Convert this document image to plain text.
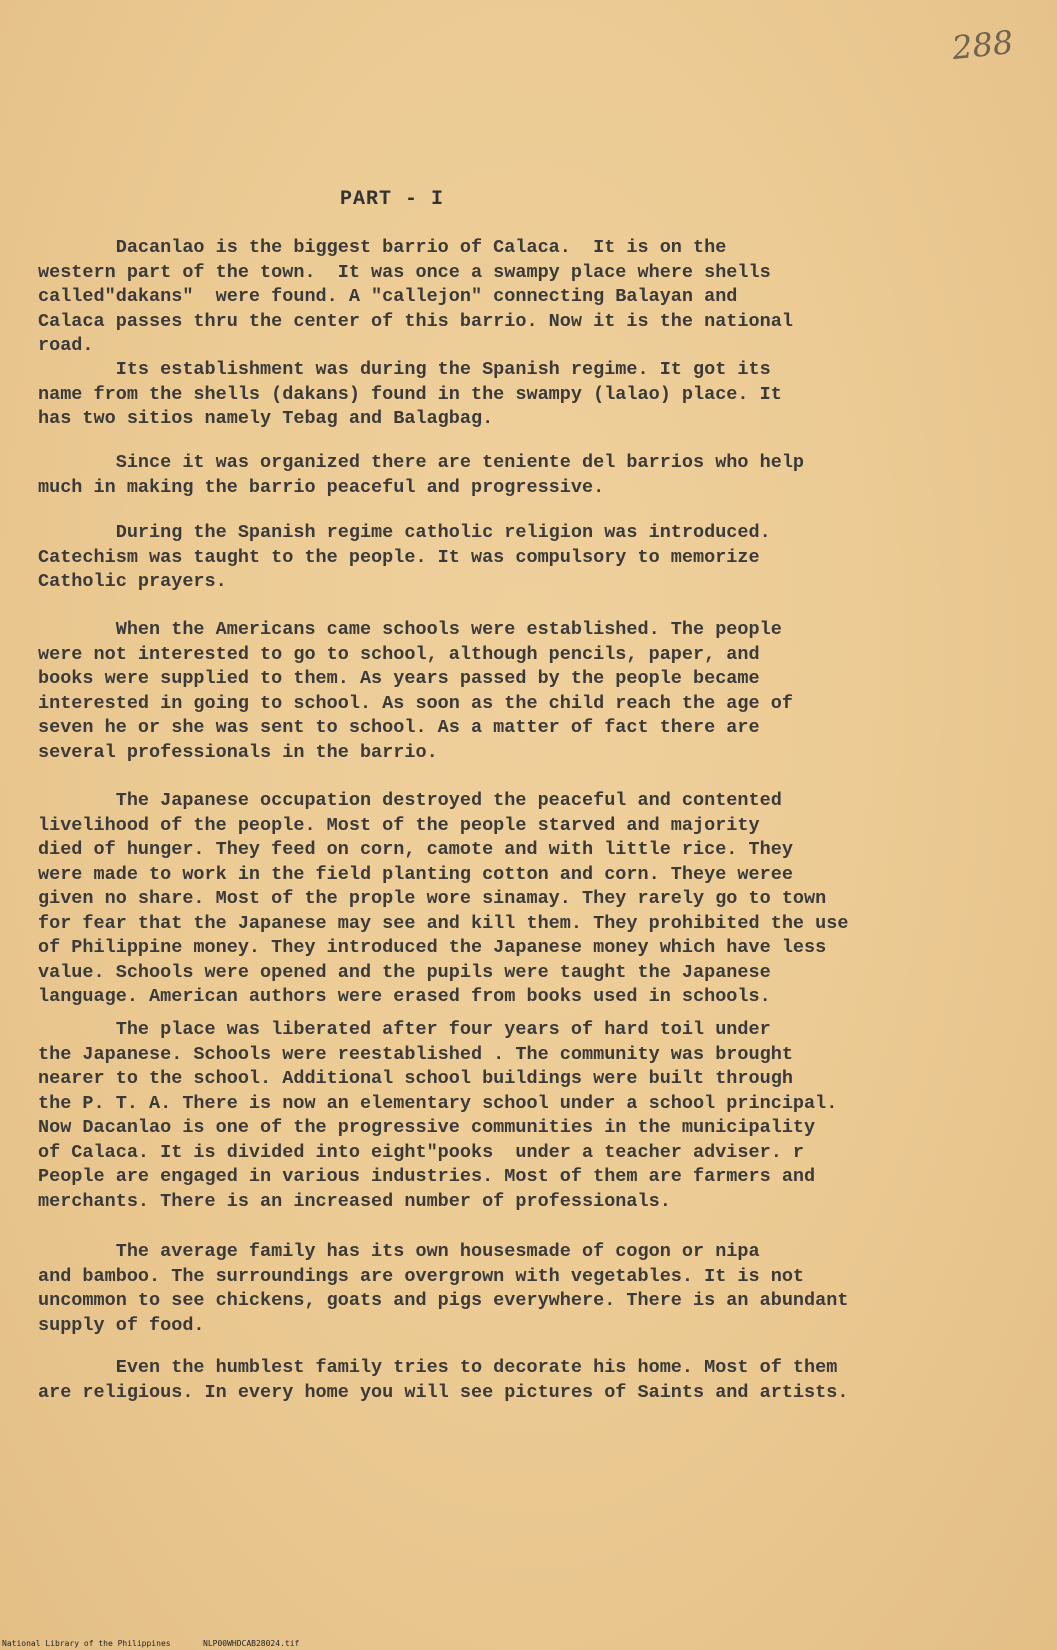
288
PART - I

Dacanlao is the biggest barrio of Calaca.  It is on the
western part of the town.  It was once a swampy place where shells
called"dakans"  were found. A "callejon" connecting Balayan and
Calaca passes thru the center of this barrio. Now it is the national
road.

Its establishment was during the Spanish regime. It got its
name from the shells (dakans) found in the swampy (lalao) place. It
has two sitios namely Tebag and Balagbag.

Since it was organized there are teniente del barrios who help
much in making the barrio peaceful and progressive.

During the Spanish regime catholic religion was introduced.
Catechism was taught to the people. It was compulsory to memorize
Catholic prayers.

When the Americans came schools were established. The people
were not interested to go to school, although pencils, paper, and
books were supplied to them. As years passed by the people became
interested in going to school. As soon as the child reach the age of
seven he or she was sent to school. As a matter of fact there are
several professionals in the barrio.

The Japanese occupation destroyed the peaceful and contented
livelihood of the people. Most of the people starved and majority
died of hunger. They feed on corn, camote and with little rice. They
were made to work in the field planting cotton and corn. Theye weree
given no share. Most of the prople wore sinamay. They rarely go to town
for fear that the Japanese may see and kill them. They prohibited the use
of Philippine money. They introduced the Japanese money which have less
value. Schools were opened and the pupils were taught the Japanese
language. American authors were erased from books used in schools.

The place was liberated after four years of hard toil under
the Japanese. Schools were reestablished . The community was brought
nearer to the school. Additional school buildings were built through
the P. T. A. There is now an elementary school under a school principal.
Now Dacanlao is one of the progressive communities in the municipality
of Calaca. It is divided into eight"pooks  under a teacher adviser. r
People are engaged in various industries. Most of them are farmers and
merchants. There is an increased number of professionals.

The average family has its own housesmade of cogon or nipa
and bamboo. The surroundings are overgrown with vegetables. It is not
uncommon to see chickens, goats and pigs everywhere. There is an abundant
supply of food.

Even the humblest family tries to decorate his home. Most of them
are religious. In every home you will see pictures of Saints and artists.

National Library of the Philippines	NLP00WHDCAB28024.tif
